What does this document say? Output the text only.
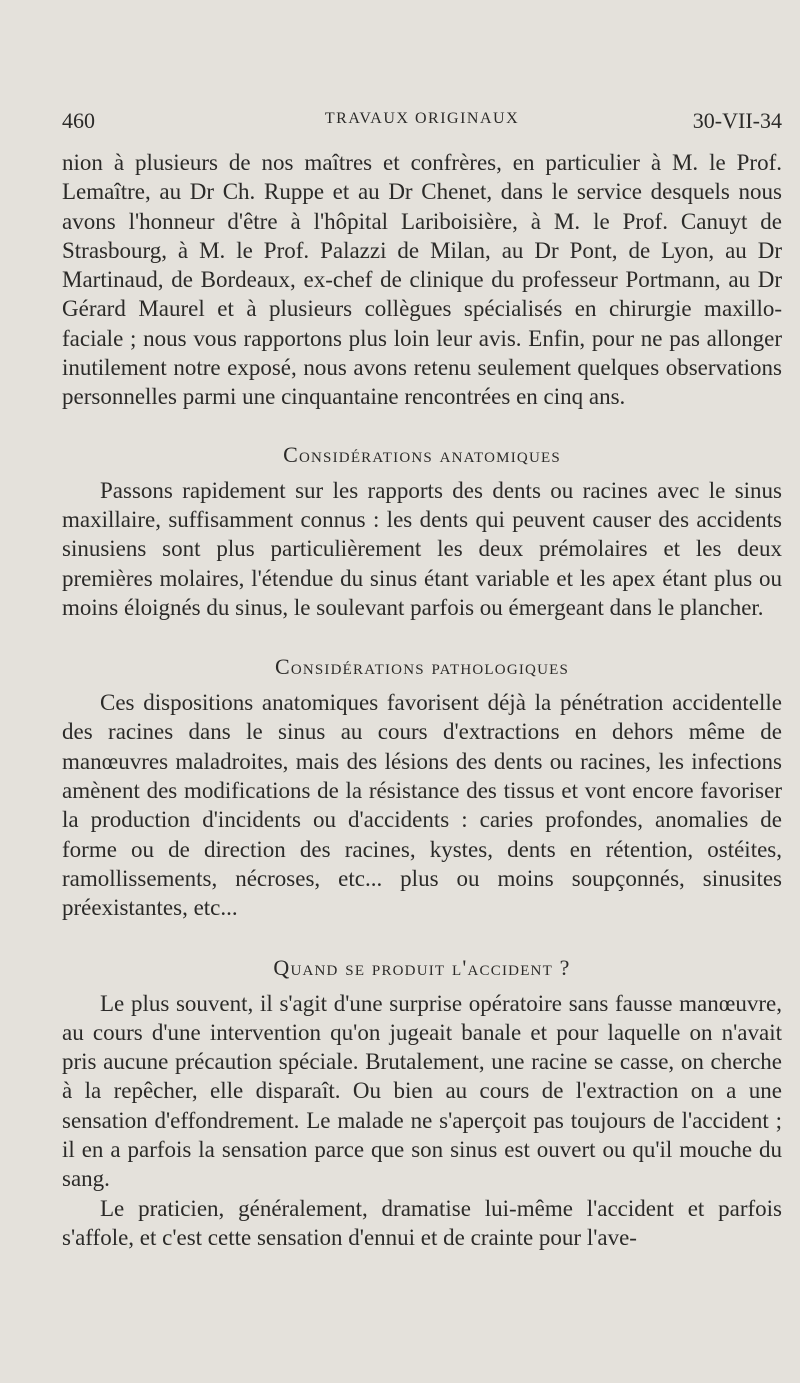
460	TRAVAUX ORIGINAUX	30-VII-34

nion à plusieurs de nos maîtres et confrères, en particulier à M. le Prof. Lemaître, au Dr Ch. Ruppe et au Dr Chenet, dans le service desquels nous avons l'honneur d'être à l'hôpital Lariboisière, à M. le Prof. Canuyt de Strasbourg, à M. le Prof. Palazzi de Milan, au Dr Pont, de Lyon, au Dr Martinaud, de Bordeaux, ex-chef de clinique du professeur Portmann, au Dr Gérard Maurel et à plusieurs collègues spécialisés en chirurgie maxillo-faciale ; nous vous rapportons plus loin leur avis. Enfin, pour ne pas allonger inutilement notre exposé, nous avons retenu seulement quelques observations personnelles parmi une cinquantaine rencontrées en cinq ans.

Considérations anatomiques

Passons rapidement sur les rapports des dents ou racines avec le sinus maxillaire, suffisamment connus : les dents qui peuvent causer des accidents sinusiens sont plus particulièrement les deux prémolaires et les deux premières molaires, l'étendue du sinus étant variable et les apex étant plus ou moins éloignés du sinus, le soulevant parfois ou émergeant dans le plancher.

Considérations pathologiques

Ces dispositions anatomiques favorisent déjà la pénétration accidentelle des racines dans le sinus au cours d'extractions en dehors même de manœuvres maladroites, mais des lésions des dents ou racines, les infections amènent des modifications de la résistance des tissus et vont encore favoriser la production d'incidents ou d'accidents : caries profondes, anomalies de forme ou de direction des racines, kystes, dents en rétention, ostéites, ramollissements, nécroses, etc... plus ou moins soupçonnés, sinusites préexistantes, etc...

Quand se produit l'accident ?

Le plus souvent, il s'agit d'une surprise opératoire sans fausse manœuvre, au cours d'une intervention qu'on jugeait banale et pour laquelle on n'avait pris aucune précaution spéciale. Brutalement, une racine se casse, on cherche à la repêcher, elle disparaît. Ou bien au cours de l'extraction on a une sensation d'effondrement. Le malade ne s'aperçoit pas toujours de l'accident ; il en a parfois la sensation parce que son sinus est ouvert ou qu'il mouche du sang.

Le praticien, généralement, dramatise lui-même l'accident et parfois s'affole, et c'est cette sensation d'ennui et de crainte pour l'ave-
